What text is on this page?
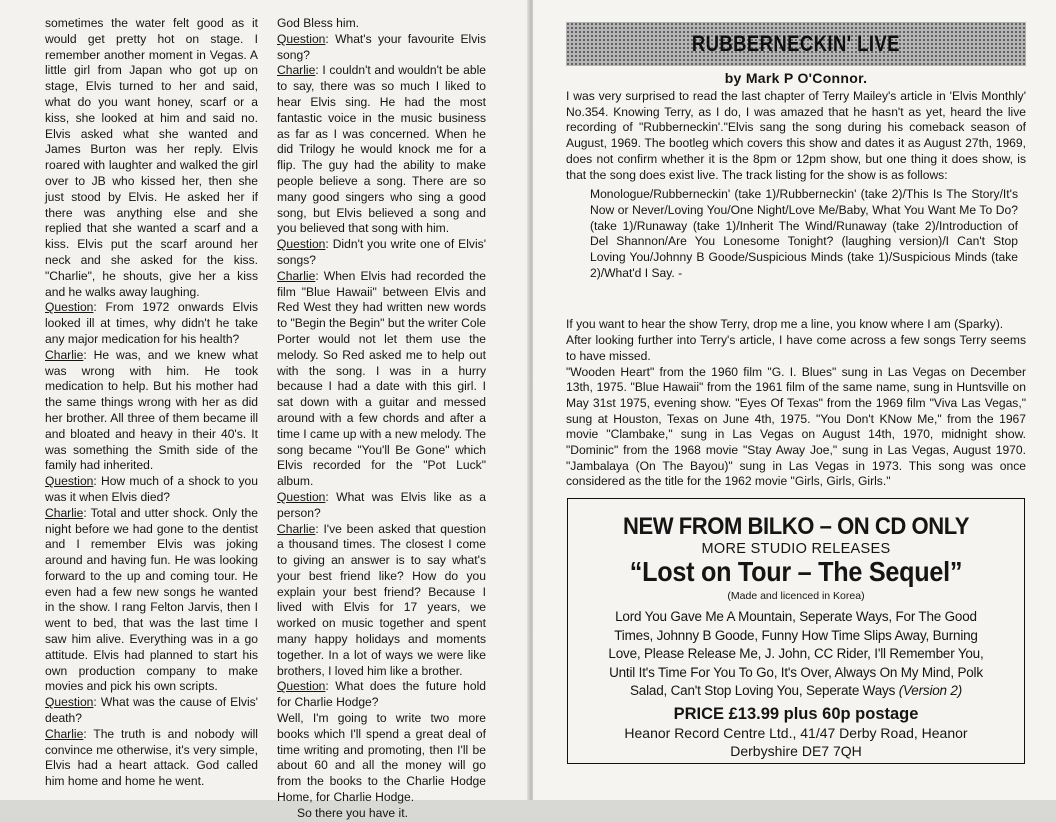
sometimes the water felt good as it would get pretty hot on stage. I remember another moment in Vegas. A little girl from Japan who got up on stage, Elvis turned to her and said, what do you want honey, scarf or a kiss, she looked at him and said no. Elvis asked what she wanted and James Burton was her reply. Elvis roared with laughter and walked the girl over to JB who kissed her, then she just stood by Elvis. He asked her if there was anything else and she replied that she wanted a scarf and a kiss. Elvis put the scarf around her neck and she asked for the kiss. "Charlie", he shouts, give her a kiss and he walks away laughing.

Question: From 1972 onwards Elvis looked ill at times, why didn't he take any major medication for his health?

Charlie: He was, and we knew what was wrong with him. He took medication to help. But his mother had the same things wrong with her as did her brother. All three of them became ill and bloated and heavy in their 40's. It was something the Smith side of the family had inherited.

Question: How much of a shock to you was it when Elvis died?

Charlie: Total and utter shock. Only the night before we had gone to the dentist and I remember Elvis was joking around and having fun. He was looking forward to the up and coming tour. He even had a few new songs he wanted in the show. I rang Felton Jarvis, then I went to bed, that was the last time I saw him alive. Everything was in a go attitude. Elvis had planned to start his own production company to make movies and pick his own scripts.

Question: What was the cause of Elvis' death?

Charlie: The truth is and nobody will convince me otherwise, it's very simple, Elvis had a heart attack. God called him home and home he went.

God Bless him.

Question: What's your favourite Elvis song?

Charlie: I couldn't and wouldn't be able to say, there was so much I liked to hear Elvis sing. He had the most fantastic voice in the music business as far as I was concerned. When he did Trilogy he would knock me for a flip. The guy had the ability to make people believe a song. There are so many good singers who sing a good song, but Elvis believed a song and you believed that song with him.

Question: Didn't you write one of Elvis' songs?

Charlie: When Elvis had recorded the film "Blue Hawaii" between Elvis and Red West they had written new words to "Begin the Begin" but the writer Cole Porter would not let them use the melody. So Red asked me to help out with the song. I was in a hurry because I had a date with this girl. I sat down with a guitar and messed around with a few chords and after a time I came up with a new melody. The song became "You'll Be Gone" which Elvis recorded for the "Pot Luck" album.

Question: What was Elvis like as a person?

Charlie: I've been asked that question a thousand times. The closest I come to giving an answer is to say what's your best friend like? How do you explain your best friend? Because I lived with Elvis for 17 years, we worked on music together and spent many happy holidays and moments together. In a lot of ways we were like brothers, I loved him like a brother.

Question: What does the future hold for Charlie Hodge?

Well, I'm going to write two more books which I'll spend a great deal of time writing and promoting, then I'll be about 60 and all the money will go from the books to the Charlie Hodge Home, for Charlie Hodge.

So there you have it.

RUBBERNECKIN' LIVE
by Mark P O'Connor.

I was very surprised to read the last chapter of Terry Mailey's article in 'Elvis Monthly' No.354. Knowing Terry, as I do, I was amazed that he hasn't as yet, heard the live recording of "Rubberneckin'."Elvis sang the song during his comeback season of August, 1969. The bootleg which covers this show and dates it as August 27th, 1969, does not confirm whether it is the 8pm or 12pm show, but one thing it does show, is that the song does exist live. The track listing for the show is as follows:

Monologue/Rubberneckin' (take 1)/Rubberneckin' (take 2)/This Is The Story/It's Now or Never/Loving You/One Night/Love Me/Baby, What You Want Me To Do? (take 1)/Runaway (take 1)/Inherit The Wind/Runaway (take 2)/Introduction of Del Shannon/Are You Lonesome Tonight? (laughing version)/I Can't Stop Loving You/Johnny B Goode/Suspicious Minds (take 1)/Suspicious Minds (take 2)/What'd I Say. -

If you want to hear the show Terry, drop me a line, you know where I am (Sparky).

After looking further into Terry's article, I have come across a few songs Terry seems to have missed.

"Wooden Heart" from the 1960 film "G. I. Blues" sung in Las Vegas on December 13th, 1975. "Blue Hawaii" from the 1961 film of the same name, sung in Huntsville on May 31st 1975, evening show. "Eyes Of Texas" from the 1969 film "Viva Las Vegas," sung at Houston, Texas on June 4th, 1975. "You Don't KNow Me," from the 1967 movie "Clambake," sung in Las Vegas on August 14th, 1970, midnight show. "Dominic" from the 1968 movie "Stay Away Joe," sung in Las Vegas, August 1970. "Jambalaya (On The Bayou)" sung in Las Vegas in 1973. This song was once considered as the title for the 1962 movie "Girls, Girls, Girls."

NEW FROM BILKO – ON CD ONLY
MORE STUDIO RELEASES
“Lost on Tour – The Sequel”
(Made and licenced in Korea)
Lord You Gave Me A Mountain, Seperate Ways, For The Good Times, Johnny B Goode, Funny How Time Slips Away, Burning Love, Please Release Me, J. John, CC Rider, I'll Remember You, Until It's Time For You To Go, It's Over, Always On My Mind, Polk Salad, Can't Stop Loving You, Seperate Ways (Version 2)
PRICE £13.99 plus 60p postage
Heanor Record Centre Ltd., 41/47 Derby Road, Heanor
Derbyshire DE7 7QH
